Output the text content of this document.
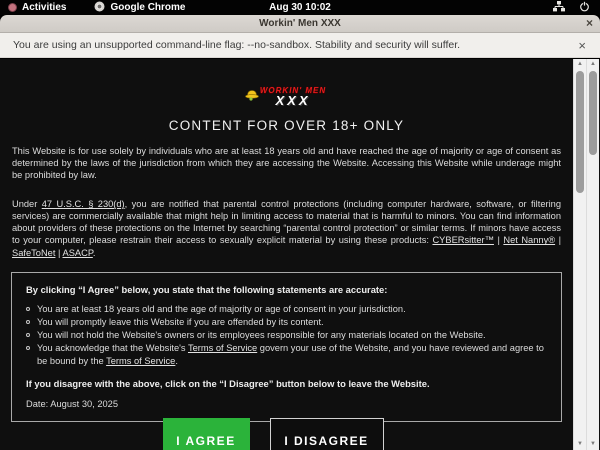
Activities	Google Chrome	Aug 30 10:02
Workin' Men XXX	×
You are using an unsupported command-line flag: --no-sandbox. Stability and security will suffer.	×
WORKIN' MEN
XXX
CONTENT FOR OVER 18+ ONLY

This Website is for use solely by individuals who are at least 18 years old and have reached the age of majority or age of consent as determined by the laws of the jurisdiction from which they are accessing the Website. Accessing this Website while underage might be prohibited by law.

Under 47 U.S.C. § 230(d), you are notified that parental control protections (including computer hardware, software, or filtering services) are commercially available that might help in limiting access to material that is harmful to minors. You can find information about providers of these protections on the Internet by searching “parental control protection” or similar terms. If minors have access to your computer, please restrain their access to sexually explicit material by using these products: CYBERsitter™ | Net Nanny® | SafeToNet | ASACP.

By clicking “I Agree” below, you state that the following statements are accurate:
You are at least 18 years old and the age of majority or age of consent in your jurisdiction.
You will promptly leave this Website if you are offended by its content.
You will not hold the Website's owners or its employees responsible for any materials located on the Website.
You acknowledge that the Website's Terms of Service govern your use of the Website, and you have reviewed and agree to be bound by the Terms of Service.
If you disagree with the above, click on the “I Disagree” button below to leave the Website.
Date: August 30, 2025
I AGREE	I DISAGREE
▲
▼
▲
▼
